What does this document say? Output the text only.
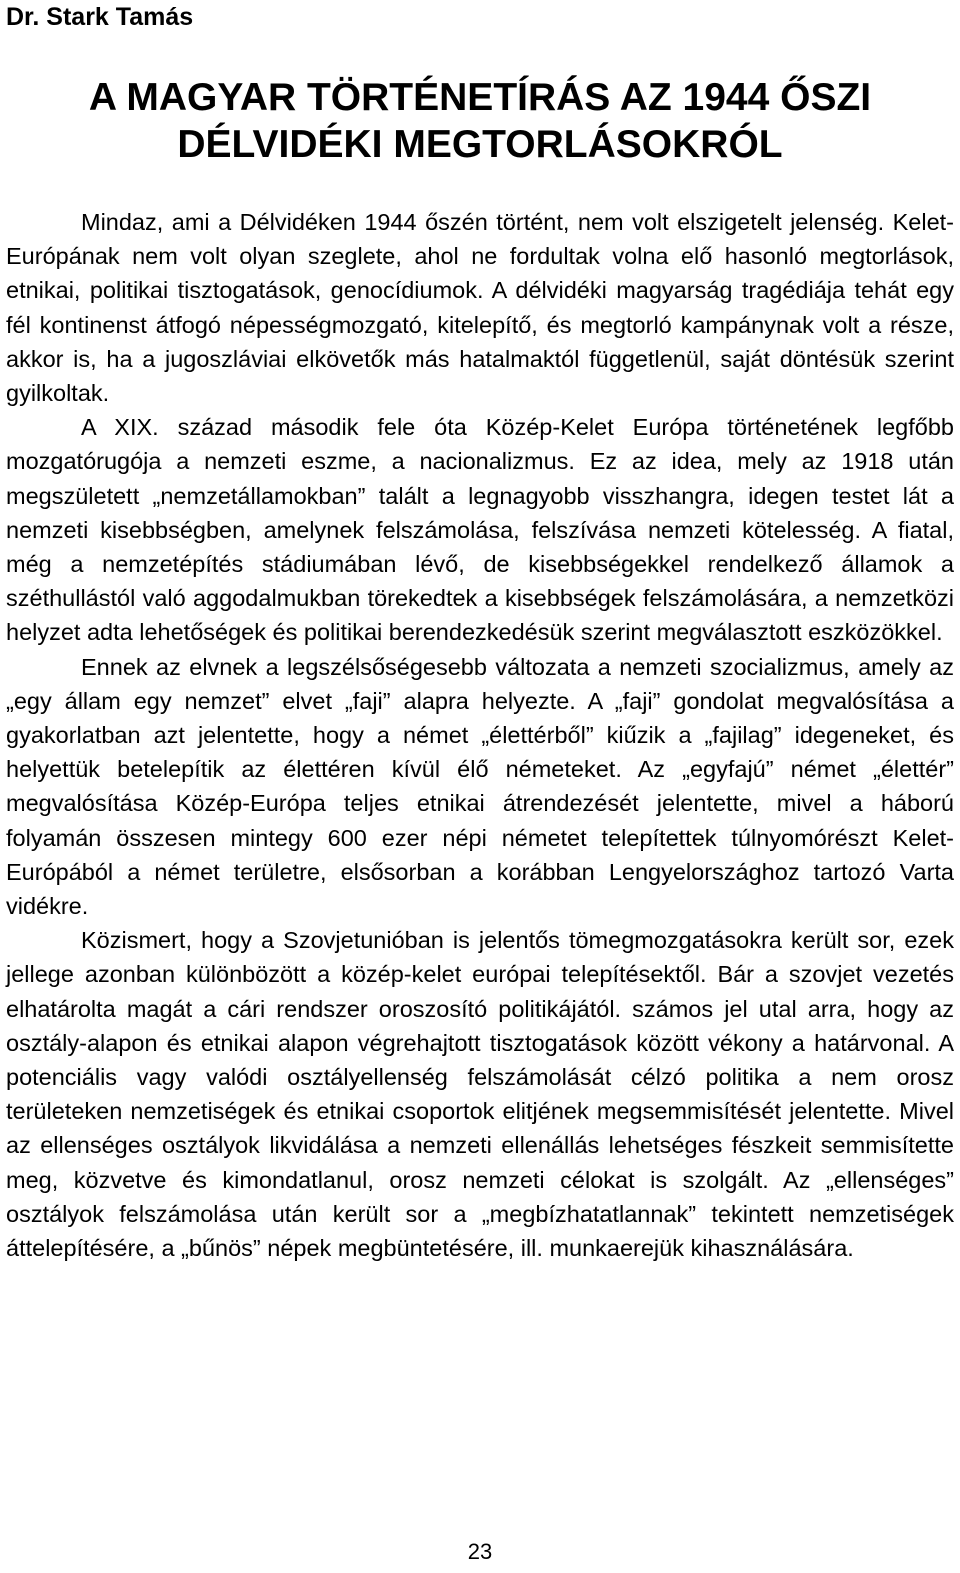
Dr. Stark Tamás
A MAGYAR TÖRTÉNETÍRÁS AZ 1944 ŐSZI
DÉLVIDÉKI MEGTORLÁSOKRÓL

Mindaz, ami a Délvidéken 1944 őszén történt, nem volt elszigetelt jelenség. Kelet-Európának nem volt olyan szeglete, ahol ne fordultak volna elő hasonló megtorlások, etnikai, politikai tisztogatások, genocídiumok. A délvidéki magyarság tragédiája tehát egy fél kontinenst átfogó népességmozgató, kitelepítő, és megtorló kampánynak volt a része, akkor is, ha a jugoszláviai elkövetők más hatalmaktól függetlenül, saját döntésük szerint gyilkoltak.

A XIX. század második fele óta Közép-Kelet Európa történetének legfőbb mozgatórugója a nemzeti eszme, a nacionalizmus. Ez az idea, mely az 1918 után megszületett „nemzetállamokban” talált a legnagyobb visszhangra, idegen testet lát a nemzeti kisebbségben, amelynek felszámolása, felszívása nemzeti kötelesség. A fiatal, még a nemzetépítés stádiumában lévő, de kisebbségekkel rendelkező államok a széthullástól való aggodalmukban törekedtek a kisebbségek felszámolására, a nemzetközi helyzet adta lehetőségek és politikai berendezkedésük szerint megválasztott eszközökkel.

Ennek az elvnek a legszélsőségesebb változata a nemzeti szocializmus, amely az „egy állam egy nemzet” elvet „faji” alapra helyezte. A „faji” gondolat megvalósítása a gyakorlatban azt jelentette, hogy a német „élettérből” kiűzik a „fajilag” idegeneket, és helyettük betelepítik az élettéren kívül élő németeket. Az „egyfajú” német „élettér” megvalósítása Közép-Európa teljes etnikai átrendezését jelentette, mivel a háború folyamán összesen mintegy 600 ezer népi németet telepítettek túlnyomórészt Kelet-Európából a német területre, elsősorban a korábban Lengyelországhoz tartozó Varta vidékre.

Közismert, hogy a Szovjetunióban is jelentős tömegmozgatásokra került sor, ezek jellege azonban különbözött a közép-kelet európai telepítésektől. Bár a szovjet vezetés elhatárolta magát a cári rendszer oroszosító politikájától. számos jel utal arra, hogy az osztály-alapon és etnikai alapon végrehajtott tisztogatások között vékony a határvonal. A potenciális vagy valódi osztályellenség felszámolását célzó politika a nem orosz területeken nemzetiségek és etnikai csoportok elitjének megsemmisítését jelentette. Mivel az ellenséges osztályok likvidálása a nemzeti ellenállás lehetséges fészkeit semmisítette meg, közvetve és kimondatlanul, orosz nemzeti célokat is szolgált. Az „ellenséges” osztályok felszámolása után került sor a „megbízhatatlannak” tekintett nemzetiségek áttelepítésére, a „bűnös” népek megbüntetésére, ill. munkaerejük kihasználására.

23
